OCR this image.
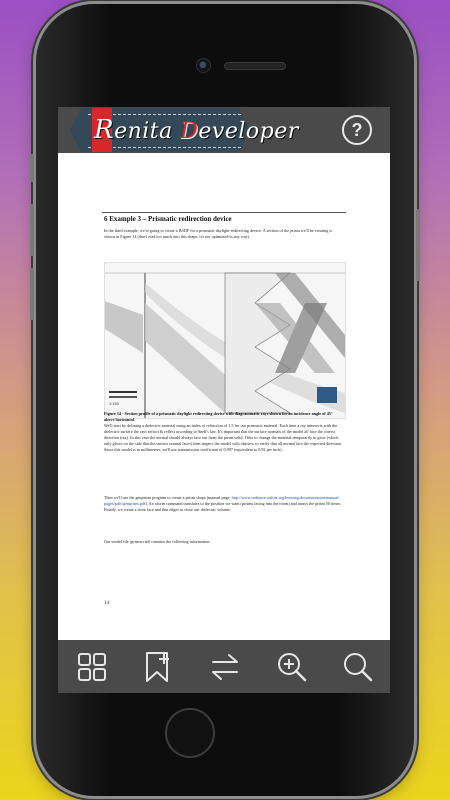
Renita Developer	?
6 Example 3 – Prismatic redirection device
In the third example, we're going to create a BSDF for a prismatic daylight-redirecting device. A section of the prism we'll be creating is shown in Figure 14 (don't read too much into this shape, it's not optimized in any way).
1:150
Figure 14 - Section profile of a prismatic daylight redirecting device with diagrammatic rays shown for an incidence angle of 45° above horizontal.
We'll start by defining a dielectric material using an index of refraction of 1.5 for our prismatic material. Each time a ray intersects with the dielectric surface the rays refract & reflect according to Snell's law. It's important that the surface normals of the model all face the correct direction (out). In this case the normal should always face out from the prism solid. I like to change the material temporarily to glow (which only glows on the side that the surface normal faces) then inspect the model with objview to verify that all normal face the expected direction. Since this model is in millimeters, we'll use transmission coefficient of 0.997 (equivalent to 0.92 per inch).
Then we'll use the genprism program to create a prism shape (manual page: http://www.radiance-online.org/learning/documentation/manual-pages/pdfs/genprism.pdf). An xform command translates to the position we want (prisms facing into the room) and arrays the prism 50 times. Finally, we create a front face and thin edges to close our dielectric volume.
Our model file (prisms.rad) contains the following information:
14
